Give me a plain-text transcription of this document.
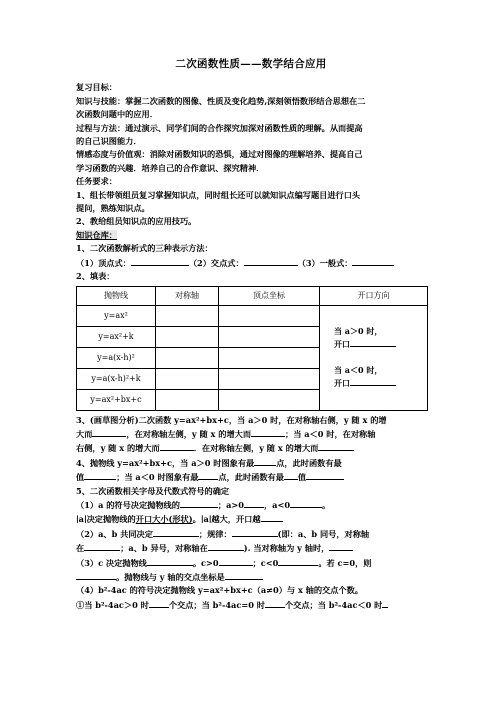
二次函数性质——数学结合应用
复习目标：
知识与技能：掌握二次函数的图像、性质及变化趋势,深刻领悟数形结合思想在二
次函数问题中的应用．
过程与方法：通过演示、同学们间的合作探究加深对函数性质的理解。从而提高
的自己识图能力．
情感态度与价值观：消除对函数知识的恐惧，通过对图像的理解培养、提高自己
学习函数的兴趣．培养自己的合作意识、探究精神．
任务要求：
1、组长带领组员复习掌握知识点，同时组长还可以就知识点编写题目进行口头
提问，熟练知识点。
2、教给组员知识点的应用技巧。
知识仓库：
1、二次函数解析式的三种表示方法：
（1）顶点式：	（2）交点式：	（3）一般式：
2、填表：
抛物线	对称轴	顶点坐标	开口方向
y=ax²			当 a＞0 时，
开口

当 a＜0 时，
开口

y=ax²+k			
y=a(x-h)²			
y=a(x-h)²+k			
y=ax²+bx+c			
3、(画草图分析)二次函数 y=ax²+bx+c，当 a＞0 时，在对称轴右侧，y 随 x 的增
大而	，在对称轴左侧，y 随 x 的增大而	；当 a＜0 时，在对称轴
右侧，y 随 x 的增大而	．在对称轴左侧，y 随 x 的增大而
4、抛物线 y=ax²+bx+c，当 a＞0 时图象有最	点，此时函数有最
值	；当 a＜0 时图象有最 点，此时函数有最 值
5、二次函数相关字母及代数式符号的确定
（1）a 的符号决定抛物线的	；a>0 ，a<0	。
∣a∣决定抛物线的开口大小(形状)。∣a∣越大，开口越
（2）a、b 共同决定	；规律：	(即：a、b 同号，对称轴
在	；a、b 异号，对称轴在	). 当对称轴为 y 轴时，
（3）c 决定抛物线	。c>0	；c<0	。若 c=0，则
。抛物线与 y 轴的交点坐标是
（4）b²-4ac 的符号决定抛物线 y=ax²+bx+c（a≠0）与 x 轴的交点个数。
①当 b²-4ac＞0 时 个交点；当 b²-4ac=0 时 个交点；当 b²-4ac＜0 时
